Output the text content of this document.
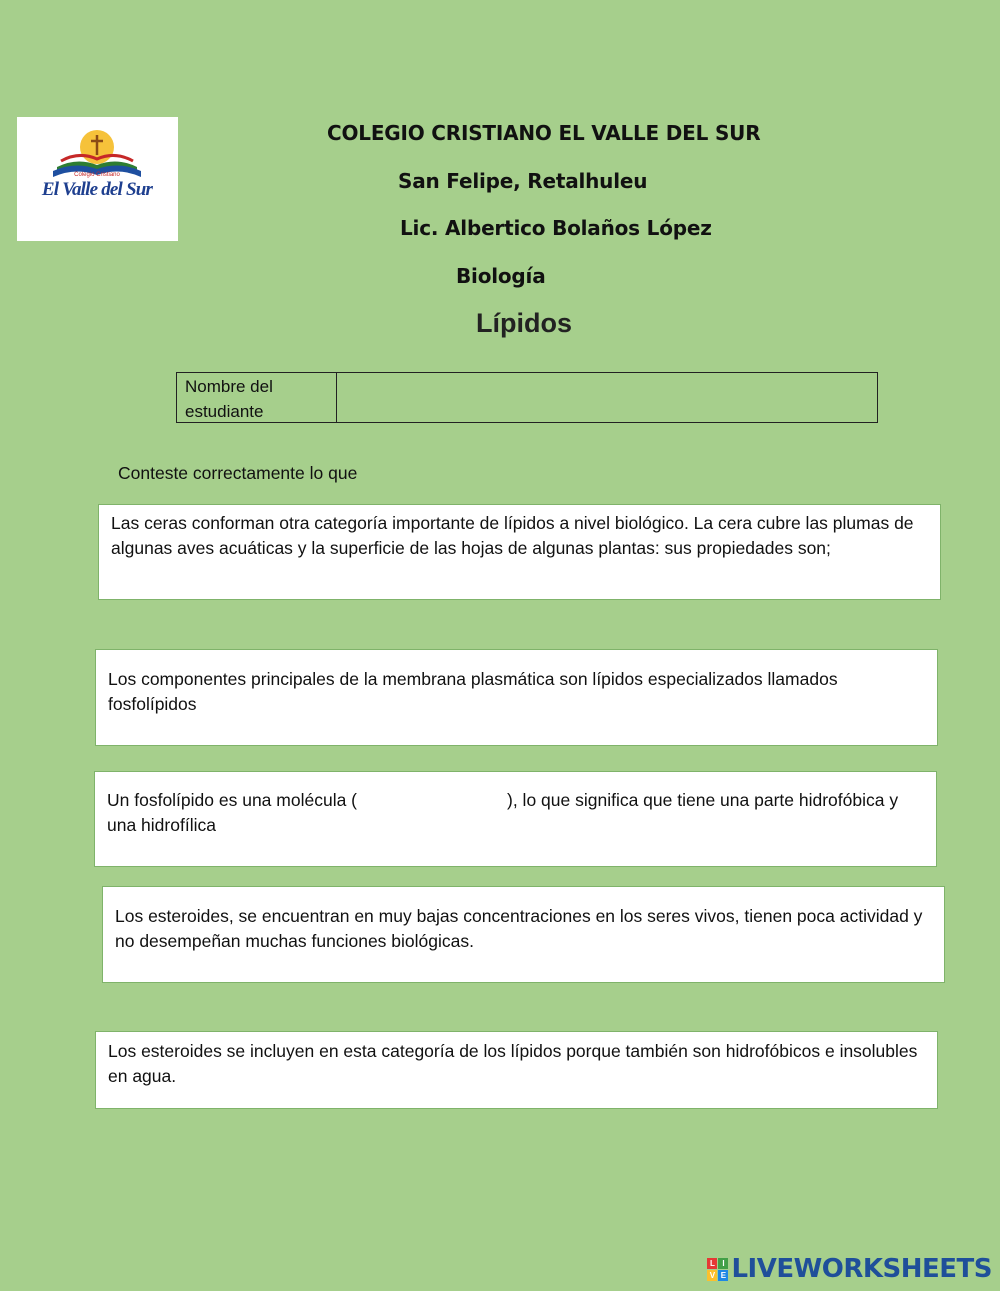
Colegio Cristiano
El Valle del Sur
COLEGIO CRISTIANO EL VALLE DEL SUR
San Felipe, Retalhuleu
Lic. Albertico Bolaños López
Biología
Lípidos
Nombre del estudiante
Conteste correctamente lo que
Las ceras conforman otra categoría importante de lípidos a nivel biológico. La cera cubre las plumas de algunas aves acuáticas y la superficie de las hojas de algunas plantas: sus propiedades son;
Los componentes principales de la membrana plasmática son lípidos especializados llamados fosfolípidos
Un fosfolípido es una molécula (	), lo que significa que tiene una parte hidrofóbica y una hidrofílica
Los esteroides, se encuentran en muy bajas concentraciones en los seres vivos, tienen poca actividad y no desempeñan muchas funciones biológicas.
Los esteroides se incluyen en esta categoría de los lípidos porque también son hidrofóbicos e insolubles en agua.
L I
V E LIVEWORKSHEETS
